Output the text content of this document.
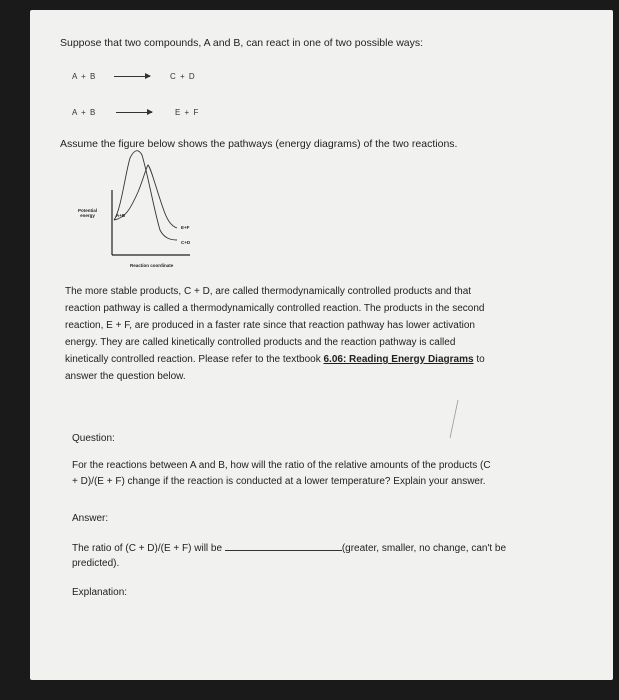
Suppose that two compounds, A and B, can react in one of two possible ways:
A + B →	C + D
A + B →	E + F
Assume the figure below shows the pathways (energy diagrams) of the two reactions.
Potential
energy	A+B
E+F
C+D
Reaction coordinate
The more stable products, C + D, are called thermodynamically controlled products and that
reaction pathway is called a thermodynamically controlled reaction. The products in the second
reaction, E + F, are produced in a faster rate since that reaction pathway has lower activation
energy. They are called kinetically controlled products and the reaction pathway is called
kinetically controlled reaction. Please refer to the textbook 6.06: Reading Energy Diagrams to
answer the question below.
Question:
For the reactions between A and B, how will the ratio of the relative amounts of the products (C
+ D)/(E + F) change if the reaction is conducted at a lower temperature? Explain your answer.
Answer:
The ratio of (C + D)/(E + F) will be	(greater, smaller, no change, can't be
predicted).
Explanation:
